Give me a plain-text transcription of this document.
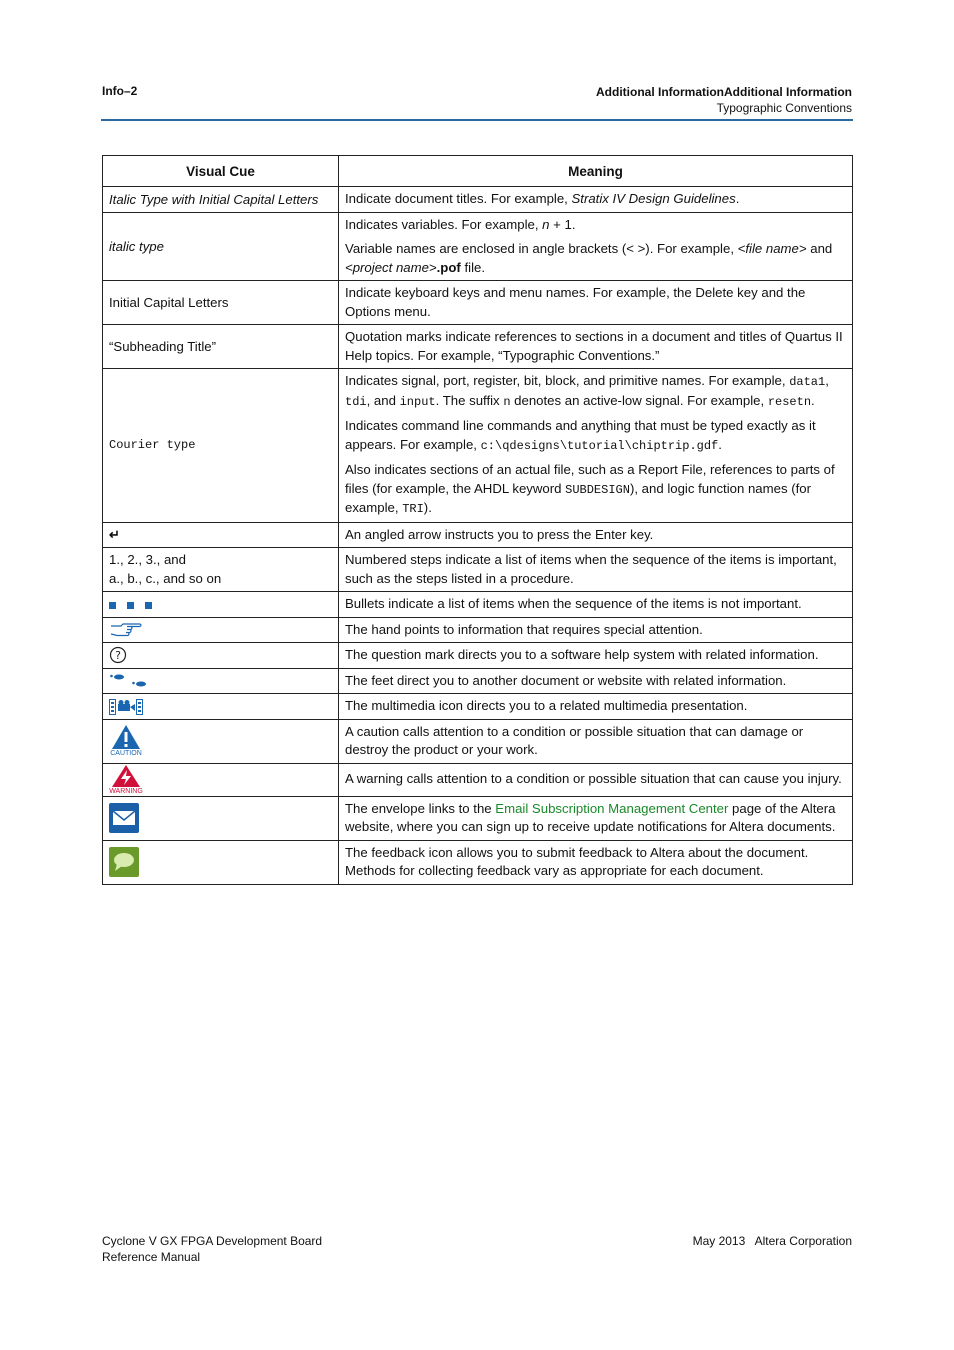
Info–2	Additional InformationAdditional Information
Typographic Conventions
Visual Cue	Meaning
Italic Type with Initial Capital Letters	Indicate document titles. For example, Stratix IV Design Guidelines.
italic type	Indicates variables. For example, n + 1.

Variable names are enclosed in angle brackets (< >). For example, <file name> and <project name>.pof file.

Initial Capital Letters	Indicate keyboard keys and menu names. For example, the Delete key and the Options menu.
“Subheading Title”	Quotation marks indicate references to sections in a document and titles of Quartus II Help topics. For example, “Typographic Conventions.”
Courier type	Indicates signal, port, register, bit, block, and primitive names. For example, data1, tdi, and input. The suffix n denotes an active-low signal. For example, resetn.

Indicates command line commands and anything that must be typed exactly as it appears. For example, c:\qdesigns\tutorial\chiptrip.gdf.

Also indicates sections of an actual file, such as a Report File, references to parts of files (for example, the AHDL keyword SUBDESIGN), and logic function names (for example, TRI).

↵	An angled arrow instructs you to press the Enter key.

1., 2., 3., and
a., b., c., and so on	Numbered steps indicate a list of items when the sequence of the items is important, such as the steps listed in a procedure.
	Bullets indicate a list of items when the sequence of the items is not important.
	The hand points to information that requires special attention.

?	The question mark directs you to a software help system with related information.
	The feet direct you to another document or website with related information.
	The multimedia icon directs you to a related multimedia presentation.

CAUTION	A caution calls attention to a condition or possible situation that can damage or destroy the product or your work.

WARNING	A warning calls attention to a condition or possible situation that can cause you injury.
	The envelope links to the Email Subscription Management Center page of the Altera website, where you can sign up to receive update notifications for Altera documents.
	The feedback icon allows you to submit feedback to Altera about the document. Methods for collecting feedback vary as appropriate for each document.
Cyclone V GX FPGA Development Board
Reference Manual
May 2013   Altera Corporation
